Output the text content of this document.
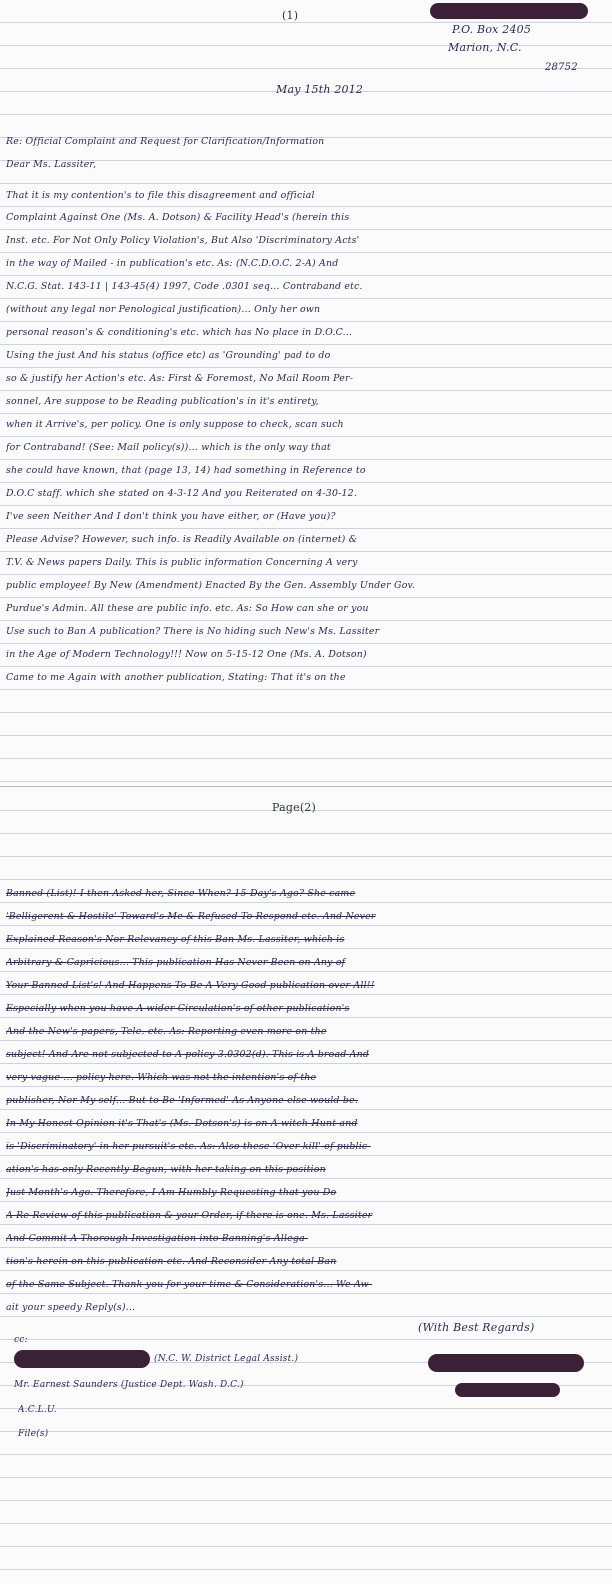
(1)
P.O. Box 2405
Marion, N.C.
28752
May 15th 2012
Re: Official Complaint and Request for Clarification/Information
Dear Ms. Lassiter,
That it is my contention's to file this disagreement and official
Complaint Against One (Ms. A. Dotson) & Facility Head's (herein this
Inst. etc. For Not Only Policy Violation's, But Also 'Discriminatory Acts'
in the way of Mailed - in publication's etc. As: (N.C.D.O.C. 2-A) And
N.C.G. Stat. 143-11 | 143-45(4) 1997, Code .0301 seq... Contraband etc.
(without any legal nor Penological justification)... Only her own
personal reason's & conditioning's etc. which has No place in D.O.C...
Using the just And his status (office etc) as 'Grounding' pad to do
so & justify her Action's etc. As: First & Foremost, No Mail Room Per-
sonnel, Are suppose to be Reading publication's in it's entirety,
when it Arrive's, per policy. One is only suppose to check, scan such
for Contraband! (See: Mail policy(s))... which is the only way that
she could have known, that (page 13, 14) had something in Reference to
D.O.C staff. which she stated on 4-3-12 And you Reiterated on 4-30-12.
I've seen Neither And I don't think you have either, or (Have you)?
Please Advise? However, such info. is Readily Available on (internet) &
T.V. & News papers Daily. This is public information Concerning A very
public employee! By New (Amendment) Enacted By the Gen. Assembly Under Gov.
Purdue's Admin. All these are public info. etc. As: So How can she or you
Use such to Ban A publication? There is No hiding such New's Ms. Lassiter
in the Age of Modern Technology!!! Now on 5-15-12 One (Ms. A. Dotson)
Came to me Again with another publication, Stating: That it's on the
Page(2)
Banned (List)! I then Asked her, Since When? 15-Day's Ago? She came
'Belligerent & Hostile' Toward's Me & Refused To Respond etc. And Never
Explained Reason's Nor Relevancy of this Ban Ms. Lassiter, which is
Arbitrary & Capricious... This publication Has Never Been on Any of
Your Banned List's! And Happens To Be A Very Good publication over All!!
Especially when you have A wider Circulation's of other publication's
And the New's papers, Tele. etc. As: Reporting even more on the
subject! And Are not subjected to A policy 3.0302(d). This is A broad And
very vague ... policy here. Which was not the intention's of the
publisher, Nor My self... But to Be 'Informed' As Anyone else would be.
In My Honest Opinion it's That's (Ms. Dotson's) is on A witch-Hunt and
is 'Discriminatory' in her pursuit's etc. As: Also these 'Over-kill' of public-
ation's has only Recently Begun, with her taking on this position
Just Month's Ago. Therefore, I Am Humbly Requesting that you Do
A Re-Review of this publication & your Order, if there is one. Ms. Lassiter
And Commit A Thorough Investigation into Banning's Allega-
tion's herein on this publication etc. And Reconsider Any total Ban
of the Same Subject. Thank you for your time & Consideration's... We Aw-
ait your speedy Reply(s)...
(With Best Regards)
cc:
(N.C. W. District Legal Assist.)
Mr. Earnest Saunders (Justice Dept. Wash. D.C.)
A.C.L.U.
File(s)
